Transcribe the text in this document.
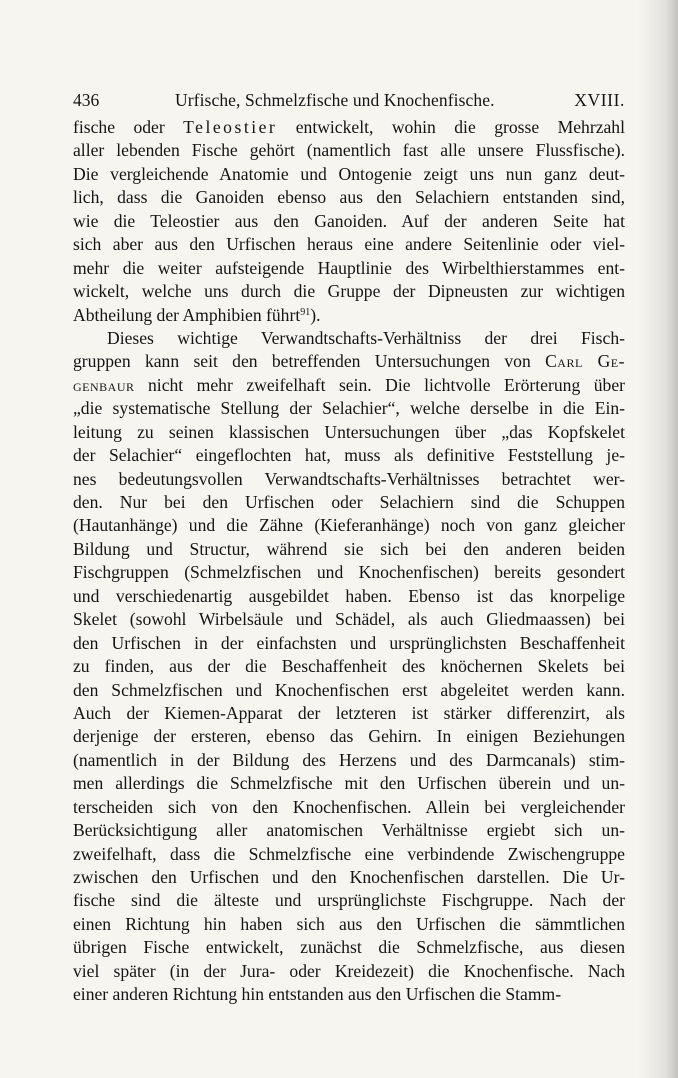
436	Urfische, Schmelzfische und Knochenfische.	XVIII.
fische oder Teleostier entwickelt, wohin die grosse Mehrzahl
aller lebenden Fische gehört (namentlich fast alle unsere Flussfische).
Die vergleichende Anatomie und Ontogenie zeigt uns nun ganz deut-
lich, dass die Ganoiden ebenso aus den Selachiern entstanden sind,
wie die Teleostier aus den Ganoiden. Auf der anderen Seite hat
sich aber aus den Urfischen heraus eine andere Seitenlinie oder viel-
mehr die weiter aufsteigende Hauptlinie des Wirbelthierstammes ent-
wickelt, welche uns durch die Gruppe der Dipneusten zur wichtigen
Abtheilung der Amphibien führt$^{91}$).
Dieses wichtige Verwandtschafts-Verhältniss der drei Fisch-
gruppen kann seit den betreffenden Untersuchungen von Carl Ge-
genbaur nicht mehr zweifelhaft sein. Die lichtvolle Erörterung über
„die systematische Stellung der Selachier“, welche derselbe in die Ein-
leitung zu seinen klassischen Untersuchungen über „das Kopfskelet
der Selachier“ eingeflochten hat, muss als definitive Feststellung je-
nes bedeutungsvollen Verwandtschafts-Verhältnisses betrachtet wer-
den. Nur bei den Urfischen oder Selachiern sind die Schuppen
(Hautanhänge) und die Zähne (Kieferanhänge) noch von ganz gleicher
Bildung und Structur, während sie sich bei den anderen beiden
Fischgruppen (Schmelzfischen und Knochenfischen) bereits gesondert
und verschiedenartig ausgebildet haben. Ebenso ist das knorpelige
Skelet (sowohl Wirbelsäule und Schädel, als auch Gliedmaassen) bei
den Urfischen in der einfachsten und ursprünglichsten Beschaffenheit
zu finden, aus der die Beschaffenheit des knöchernen Skelets bei
den Schmelzfischen und Knochenfischen erst abgeleitet werden kann.
Auch der Kiemen-Apparat der letzteren ist stärker differenzirt, als
derjenige der ersteren, ebenso das Gehirn. In einigen Beziehungen
(namentlich in der Bildung des Herzens und des Darmcanals) stim-
men allerdings die Schmelzfische mit den Urfischen überein und un-
terscheiden sich von den Knochenfischen. Allein bei vergleichender
Berücksichtigung aller anatomischen Verhältnisse ergiebt sich un-
zweifelhaft, dass die Schmelzfische eine verbindende Zwischengruppe
zwischen den Urfischen und den Knochenfischen darstellen. Die Ur-
fische sind die älteste und ursprünglichste Fischgruppe. Nach der
einen Richtung hin haben sich aus den Urfischen die sämmtlichen
übrigen Fische entwickelt, zunächst die Schmelzfische, aus diesen
viel später (in der Jura- oder Kreidezeit) die Knochenfische. Nach
einer anderen Richtung hin entstanden aus den Urfischen die Stamm-
